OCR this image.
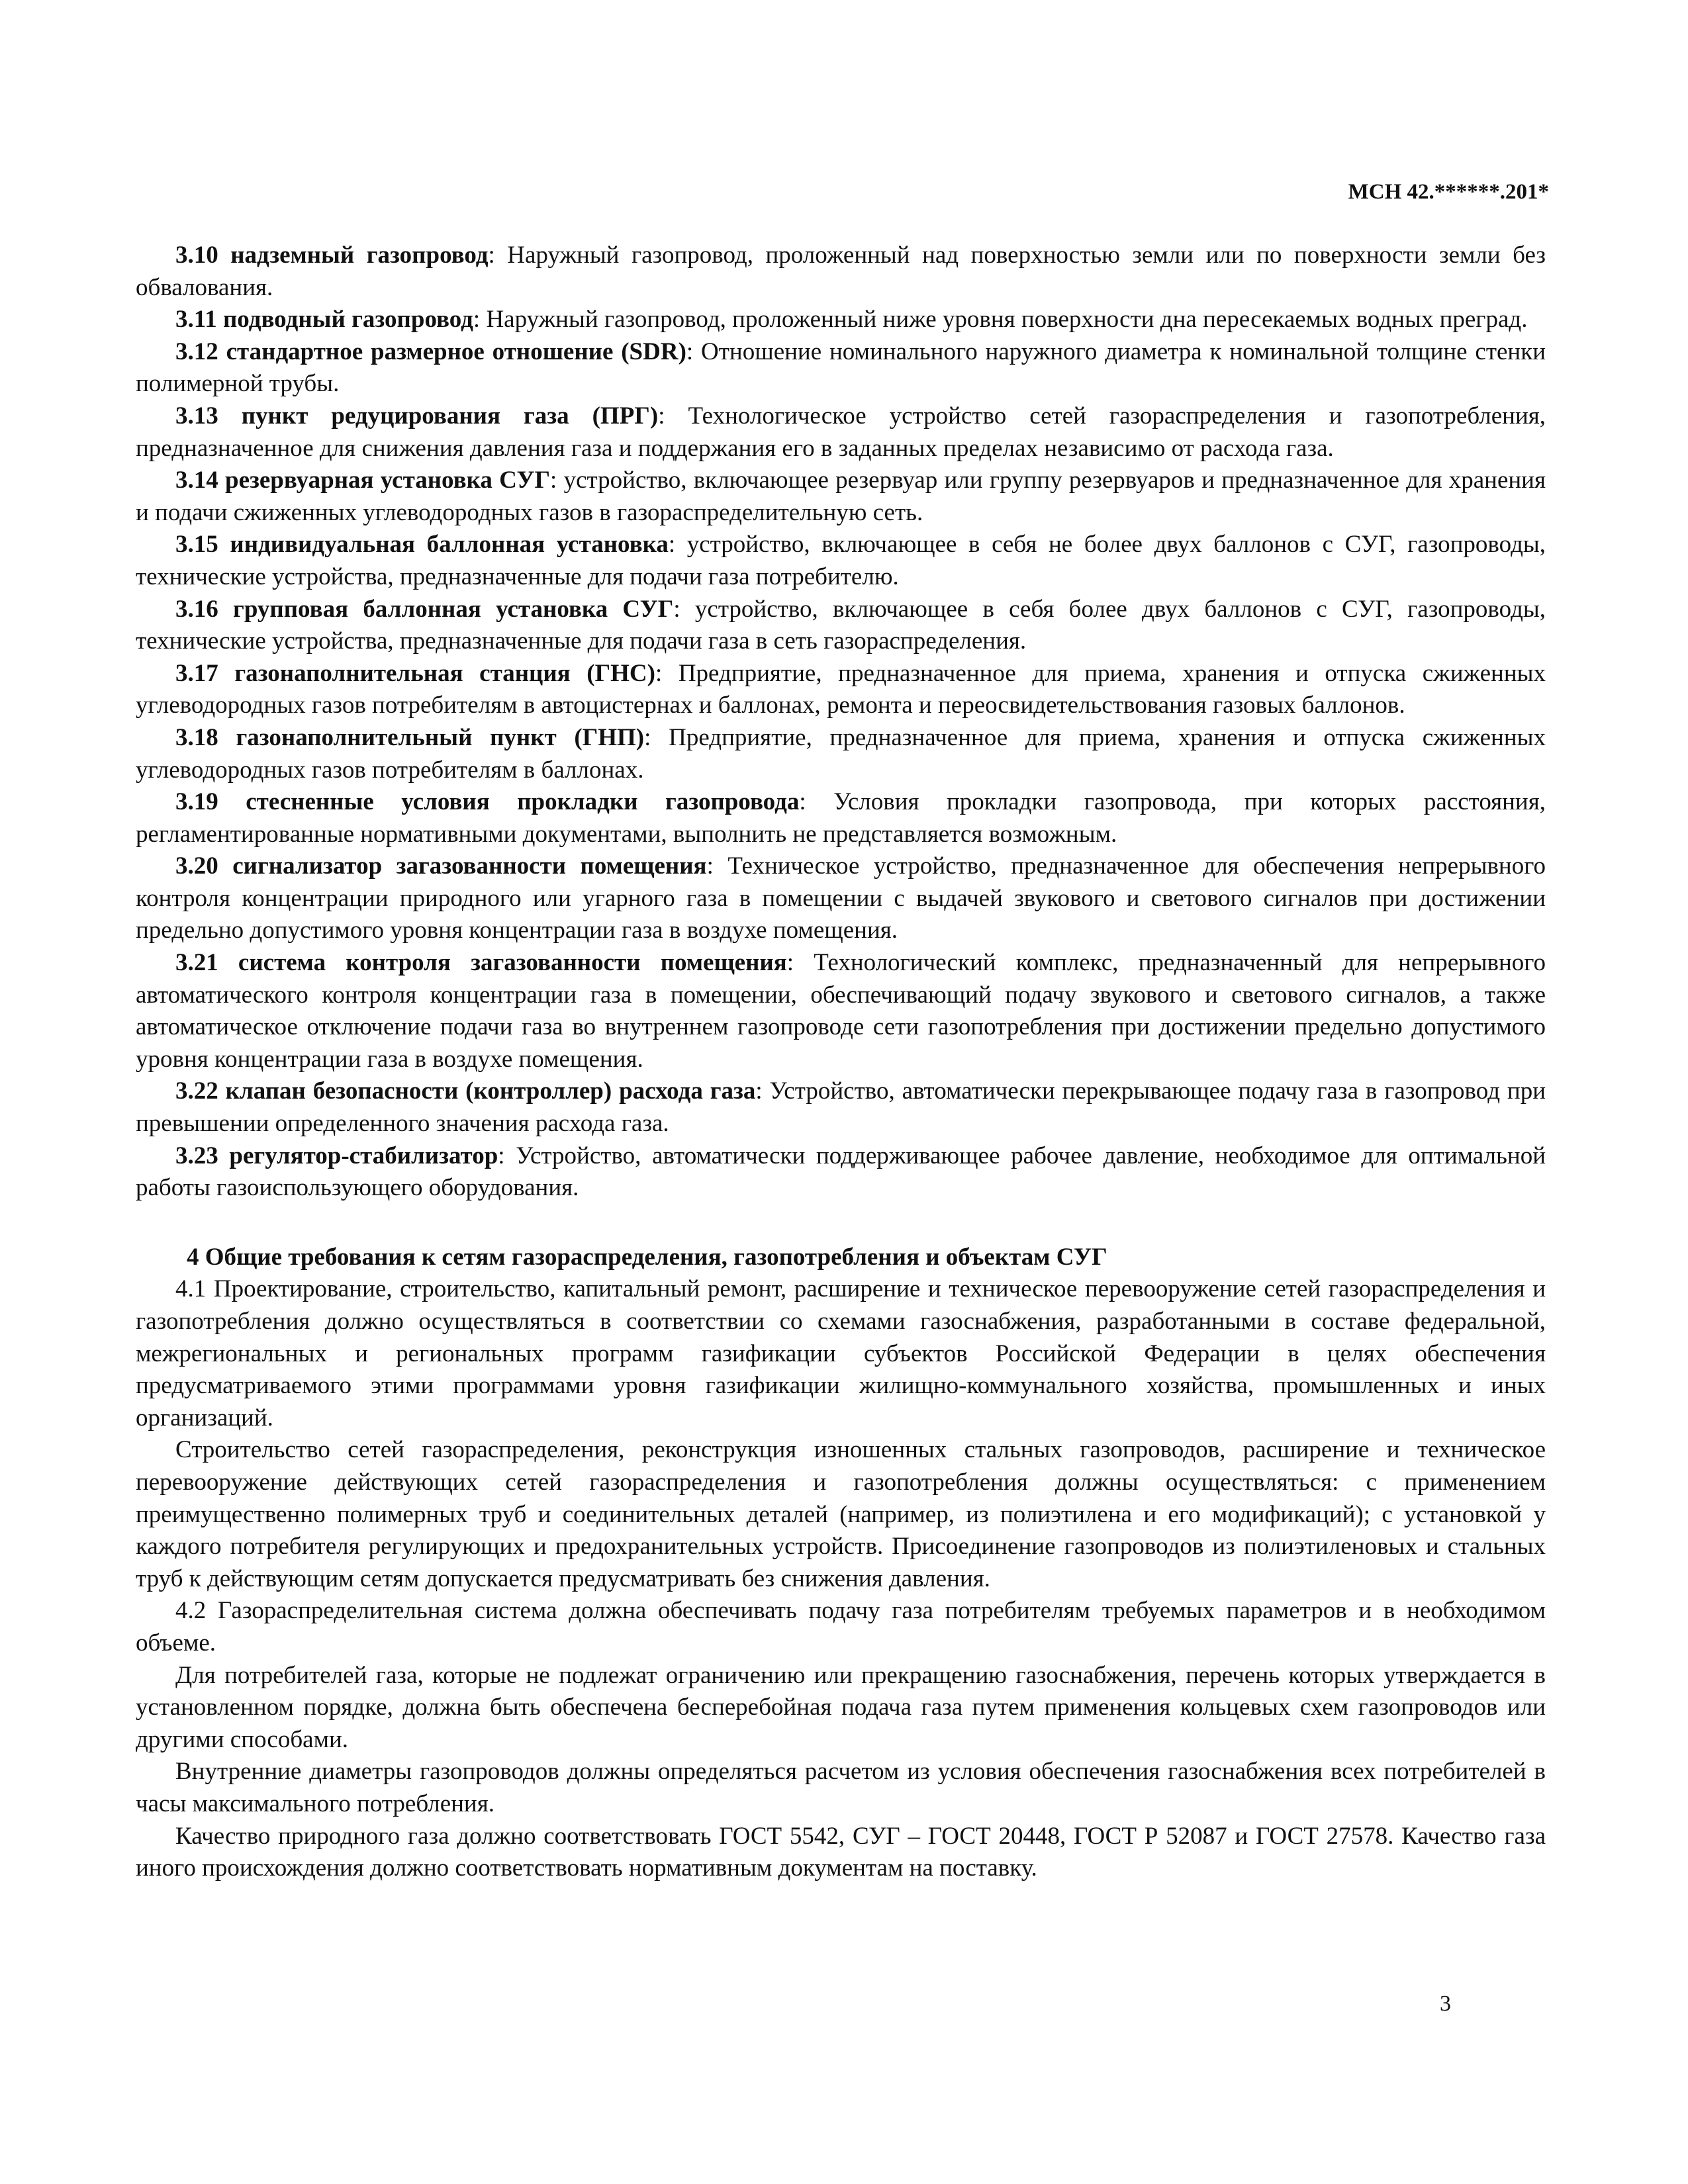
МСН 42.******.201*

3.10 надземный газопровод: Наружный газопровод, проложенный над поверхностью земли или по поверхности земли без обвалования.

3.11 подводный газопровод: Наружный газопровод, проложенный ниже уровня поверхности дна пересекаемых водных преград.

3.12 стандартное размерное отношение (SDR): Отношение номинального наружного диаметра к номинальной толщине стенки полимерной трубы.

3.13 пункт редуцирования газа (ПРГ): Технологическое устройство сетей газораспределения и газопотребления, предназначенное для снижения давления газа и поддержания его в заданных пределах независимо от расхода газа.

3.14 резервуарная установка СУГ: устройство, включающее резервуар или группу резервуаров и предназначенное для хранения и подачи сжиженных углеводородных газов в газораспределительную сеть.

3.15 индивидуальная баллонная установка: устройство, включающее в себя не более двух баллонов с СУГ, газопроводы, технические устройства, предназначенные для подачи газа потребителю.

3.16 групповая баллонная установка СУГ: устройство, включающее в себя более двух баллонов с СУГ, газопроводы, технические устройства, предназначенные для подачи газа в сеть газораспределения.

3.17 газонаполнительная станция (ГНС): Предприятие, предназначенное для приема, хранения и отпуска сжиженных углеводородных газов потребителям в автоцистернах и баллонах, ремонта и переосвидетельствования газовых баллонов.

3.18 газонаполнительный пункт (ГНП): Предприятие, предназначенное для приема, хранения и отпуска сжиженных углеводородных газов потребителям в баллонах.

3.19 стесненные условия прокладки газопровода: Условия прокладки газопровода, при которых расстояния, регламентированные нормативными документами, выполнить не представляется возможным.

3.20 сигнализатор загазованности помещения: Техническое устройство, предназначенное для обеспечения непрерывного контроля концентрации природного или угарного газа в помещении с выдачей звукового и светового сигналов при достижении предельно допустимого уровня концентрации газа в воздухе помещения.

3.21 система контроля загазованности помещения: Технологический комплекс, предназначенный для непрерывного автоматического контроля концентрации газа в помещении, обеспечивающий подачу звукового и светового сигналов, а также автоматическое отключение подачи газа во внутреннем газопроводе сети газопотребления при достижении предельно допустимого уровня концентрации газа в воздухе помещения.

3.22 клапан безопасности (контроллер) расхода газа: Устройство, автоматически перекрывающее подачу газа в газопровод при превышении определенного значения расхода газа.

3.23 регулятор-стабилизатор: Устройство, автоматически поддерживающее рабочее давление, необходимое для оптимальной работы газоиспользующего оборудования.

4 Общие требования к сетям газораспределения, газопотребления и объектам СУГ

4.1 Проектирование, строительство, капитальный ремонт, расширение и техническое перевооружение сетей газораспределения и газопотребления должно осуществляться в соответствии со схемами газоснабжения, разработанными в составе федеральной, межрегиональных и региональных программ газификации субъектов Российской Федерации в целях обеспечения предусматриваемого этими программами уровня газификации жилищно-коммунального хозяйства, промышленных и иных организаций.

Строительство сетей газораспределения, реконструкция изношенных стальных газопроводов, расширение и техническое перевооружение действующих сетей газораспределения и газопотребления должны осуществляться: с применением преимущественно полимерных труб и соединительных деталей (например, из полиэтилена и его модификаций); с установкой у каждого потребителя регулирующих и предохранительных устройств. Присоединение газопроводов из полиэтиленовых и стальных труб к действующим сетям допускается предусматривать без снижения давления.

4.2 Газораспределительная система должна обеспечивать подачу газа потребителям требуемых параметров и в необходимом объеме.

Для потребителей газа, которые не подлежат ограничению или прекращению газоснабжения, перечень которых утверждается в установленном порядке, должна быть обеспечена бесперебойная подача газа путем применения кольцевых схем газопроводов или другими способами.

Внутренние диаметры газопроводов должны определяться расчетом из условия обеспечения газоснабжения всех потребителей в часы максимального потребления.

Качество природного газа должно соответствовать ГОСТ 5542, СУГ – ГОСТ 20448, ГОСТ Р 52087 и ГОСТ 27578. Качество газа иного происхождения должно соответствовать нормативным документам на поставку.

3
